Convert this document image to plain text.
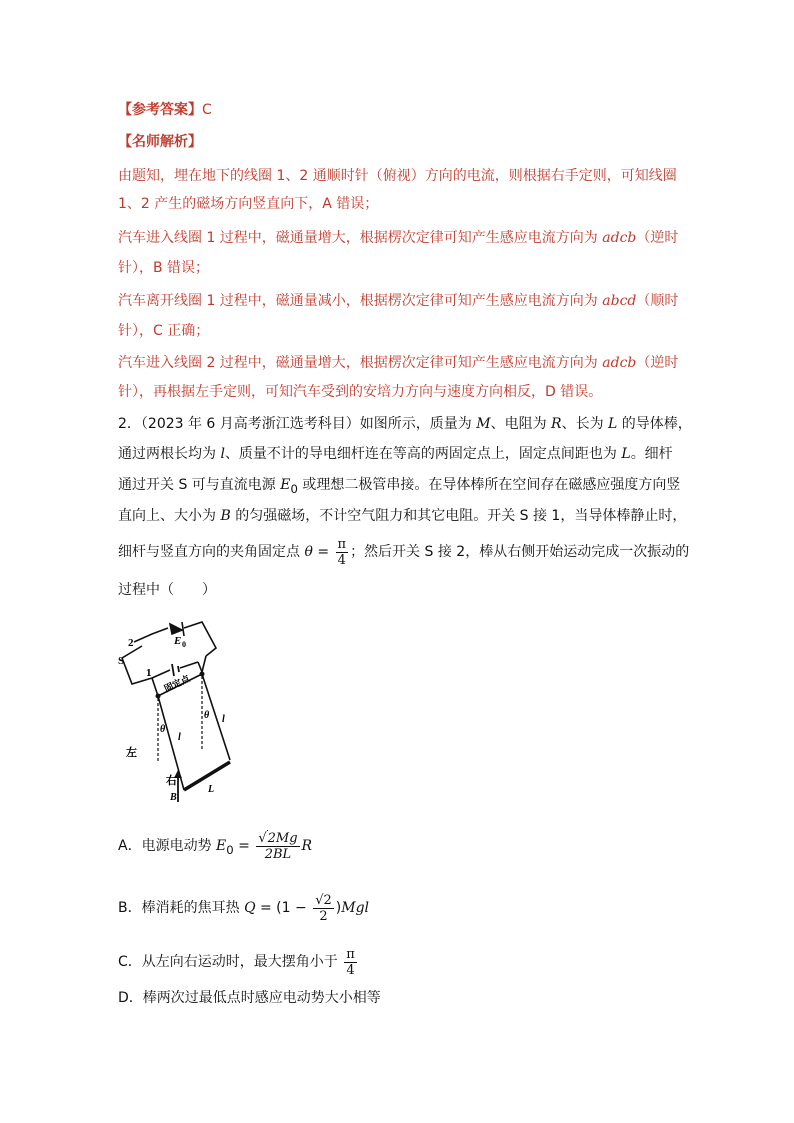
【参考答案】C
【名师解析】
由题知，埋在地下的线圈 1、2 通顺时针（俯视）方向的电流，则根据右手定则，可知线圈
1、2 产生的磁场方向竖直向下，A 错误；
汽车进入线圈 1 过程中，磁通量增大，根据楞次定律可知产生感应电流方向为 adcb（逆时
针），B 错误；
汽车离开线圈 1 过程中，磁通量减小，根据楞次定律可知产生感应电流方向为 abcd（顺时
针），C 正确；
汽车进入线圈 2 过程中，磁通量增大，根据楞次定律可知产生感应电流方向为 adcb（逆时
针），再根据左手定则，可知汽车受到的安培力方向与速度方向相反，D 错误。
2．（2023 年 6 月高考浙江选考科目）如图所示，质量为 M、电阻为 R、长为 L 的导体棒，
通过两根长均为 l、质量不计的导电细杆连在等高的两固定点上，固定点间距也为 L。细杆
通过开关 S 可与直流电源 $E_0$ 或理想二极管串接。在导体棒所在空间存在磁感应强度方向竖
直向上、大小为 B 的匀强磁场，不计空气阻力和其它电阻。开关 S 接 1，当导体棒静止时，
细杆与竖直方向的夹角固定点 $\theta = \frac{\pi}{4}$ ；然后开关 S 接 2，棒从右侧开始运动完成一次振动的
过程中（　　）
2
S
1
E 0
固定点
θ
θ
l
l
左
右
B
L
A．电源电动势 $E_0 = \frac{√2Mg}{2BL}$ R
B．棒消耗的焦耳热 $Q = (1 - \frac{√2}{2} )Mgl$
C．从左向右运动时，最大摆角小于 $\frac{\pi}{4}$
D．棒两次过最低点时感应电动势大小相等
